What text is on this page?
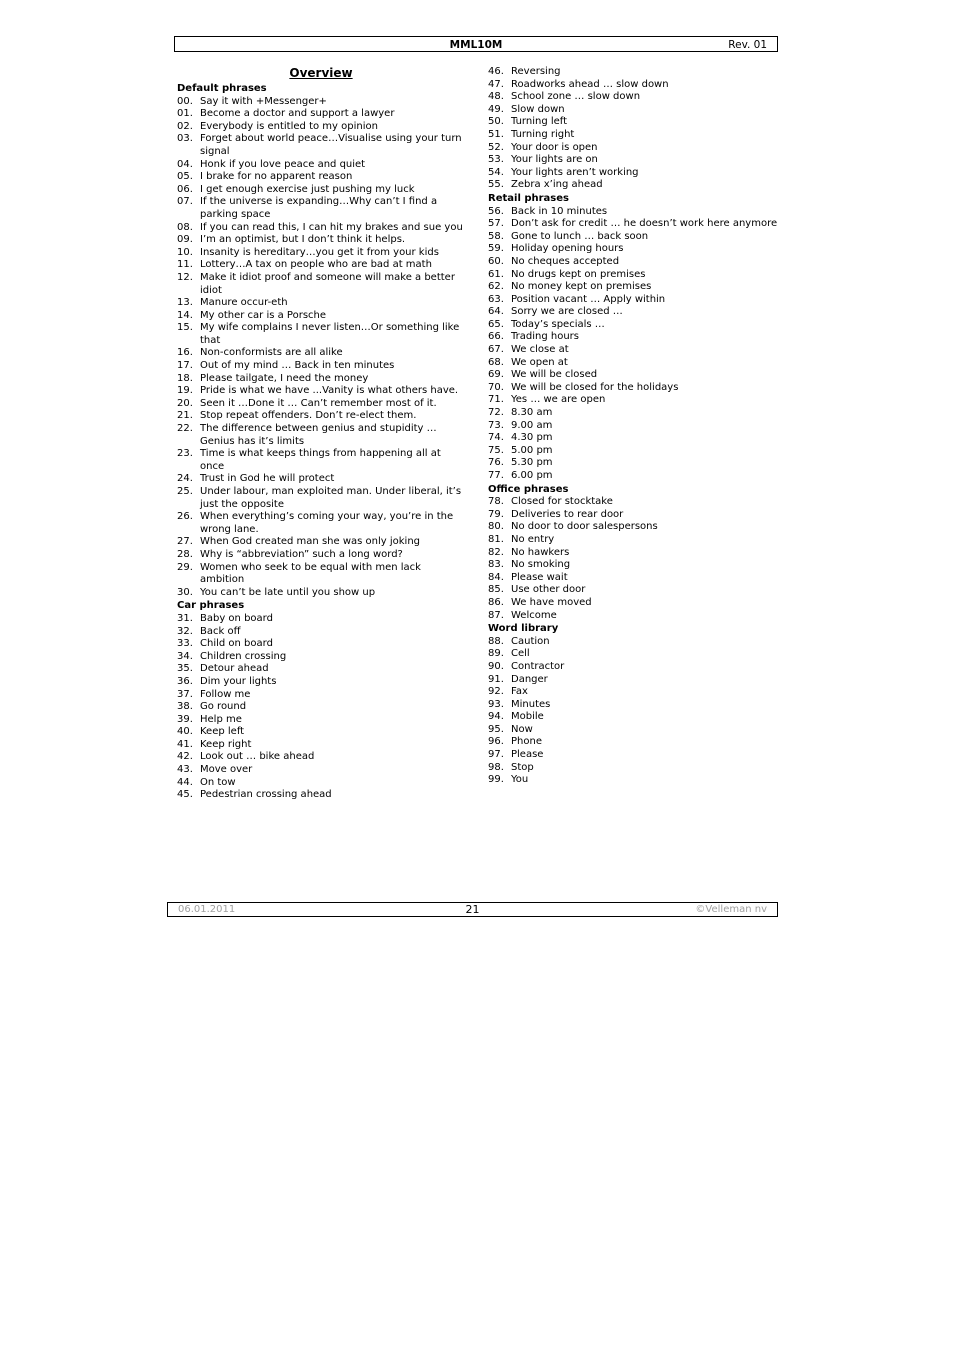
MML10M	Rev. 01
Overview
Default phrases
00. Say it with +Messenger+
01. Become a doctor and support a lawyer
02. Everybody is entitled to my opinion
03. Forget about world peace…Visualise using your turn signal
04. Honk if you love peace and quiet
05. I brake for no apparent reason
06. I get enough exercise just pushing my luck
07. If the universe is expanding…Why can’t I find a parking space
08. If you can read this, I can hit my brakes and sue you
09. I’m an optimist, but I don’t think it helps.
10. Insanity is hereditary…you get it from your kids
11. Lottery…A tax on people who are bad at math
12. Make it idiot proof and someone will make a better idiot
13. Manure occur-eth
14. My other car is a Porsche
15. My wife complains I never listen…Or something like that
16. Non-conformists are all alike
17. Out of my mind … Back in ten minutes
18. Please tailgate, I need the money
19. Pride is what we have ...Vanity is what others have.
20. Seen it …Done it … Can’t remember most of it.
21. Stop repeat offenders. Don’t re-elect them.
22. The difference between genius and stupidity … Genius has it’s limits
23. Time is what keeps things from happening all at once
24. Trust in God he will protect
25. Under labour, man exploited man. Under liberal, it’s just the opposite
26. When everything’s coming your way, you’re in the wrong lane.
27. When God created man she was only joking
28. Why is “abbreviation” such a long word?
29. Women who seek to be equal with men lack ambition
30. You can’t be late until you show up
Car phrases
31. Baby on board
32. Back off
33. Child on board
34. Children crossing
35. Detour ahead
36. Dim your lights
37. Follow me
38. Go round
39. Help me
40. Keep left
41. Keep right
42. Look out … bike ahead
43. Move over
44. On tow
45. Pedestrian crossing ahead
46. Reversing
47. Roadworks ahead … slow down
48. School zone … slow down
49. Slow down
50. Turning left
51. Turning right
52. Your door is open
53. Your lights are on
54. Your lights aren’t working
55. Zebra x’ing ahead
Retail phrases
56. Back in 10 minutes
57. Don’t ask for credit … he doesn’t work here anymore
58. Gone to lunch … back soon
59. Holiday opening hours
60. No cheques accepted
61. No drugs kept on premises
62. No money kept on premises
63. Position vacant … Apply within
64. Sorry we are closed …
65. Today’s specials …
66. Trading hours
67. We close at
68. We open at
69. We will be closed
70. We will be closed for the holidays
71. Yes … we are open
72. 8.30 am
73. 9.00 am
74. 4.30 pm
75. 5.00 pm
76. 5.30 pm
77. 6.00 pm
Office phrases
78. Closed for stocktake
79. Deliveries to rear door
80. No door to door salespersons
81. No entry
82. No hawkers
83. No smoking
84. Please wait
85. Use other door
86. We have moved
87. Welcome
Word library
88. Caution
89. Cell
90. Contractor
91. Danger
92. Fax
93. Minutes
94. Mobile
95. Now
96. Phone
97. Please
98. Stop
99. You
06.01.2011	21	©Velleman nv
